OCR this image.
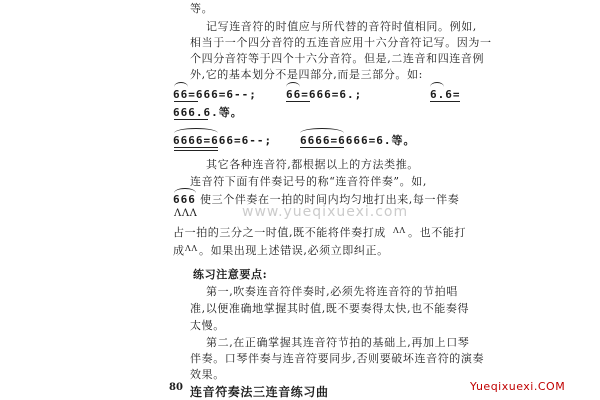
等。
记写连音符的时值应与所代替的音符时值相同。例如,
相当于一个四分音符的五连音应用十六分音符记写。因为一
个四分音符等于四个十六分音符。但是,二连音和四连音例
外,它的基本划分不是四部分,而是三部分。如:
66=666=6--;	66=666=6.;	6.6=
666.6.等。
6666=666=6--;	6666=6666=6.等。
其它各种连音符,都根据以上的方法类推。
连音符下面有伴奏记号的称“连音符伴奏”。如,
666 使三个伴奏在一拍的时间内均匀地打出来,每一伴奏
ΛΛΛ	www.yueqixuexi.com
占一拍的三分之一时值,既不能将伴奏打成 ΛΛ 。也不能打
成 ΛΛ 。如果出现上述错误,必须立即纠正。
练习注意要点:
第一,吹奏连音符伴奏时,必须先将连音符的节拍唱
准,以便准确地掌握其时值,既不要奏得太快,也不能奏得
太慢。
第二,在正确掌握其连音符节拍的基础上,再加上口琴
伴奏。口琴伴奏与连音符要同步,否则要破坏连音符的演奏
效果。
连音符奏法三连音练习曲
80	Yueqixuexi.COM
